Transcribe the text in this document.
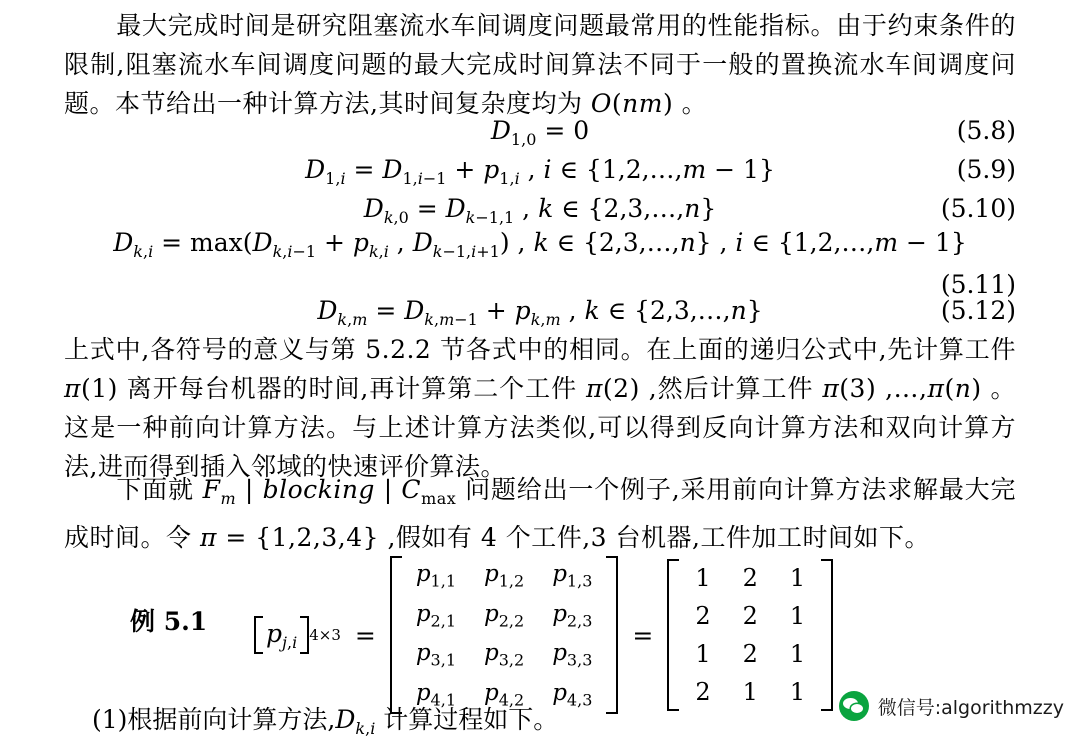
最大完成时间是研究阻塞流水车间调度问题最常用的性能指标。由于约束条件的限制,阻塞流水车间调度问题的最大完成时间算法不同于一般的置换流水车间调度问题。本节给出一种计算方法,其时间复杂度均为 O(nm) 。

$D_{1,0} = 0$	(5.8)
$D_{1,i} = D_{1,i-1} + p_{1,i}$ , i ∈ {1,2,…,m − 1}	(5.9)
$D_{k,0} = D_{k-1,1}$ , k ∈ {2,3,…,n}	(5.10)
$D_{k,i} = \max(D_{k,i-1} + p_{k,i}$ , $D_{k-1,i+1}$) , k ∈ {2,3,…,n} , i ∈ {1,2,…,m − 1}
(5.11)
$D_{k,m} = D_{k,m-1} + p_{k,m}$ , k ∈ {2,3,…,n}	(5.12)

上式中,各符号的意义与第 5.2.2 节各式中的相同。在上面的递归公式中,先计算工件 π(1) 离开每台机器的时间,再计算第二个工件 π(2) ,然后计算工件 π(3) ,…,π(n) 。这是一种前向计算方法。与上述计算方法类似,可以得到反向计算方法和双向计算方法,进而得到插入邻域的快速评价算法。

下面就 $F_m$ | blocking | $C_{max}$ 问题给出一个例子,采用前向计算方法求解最大完成时间。令 π = {1,2,3,4} ,假如有 4 个工件,3 台机器,工件加工时间如下。

例 5.1 $p_{j,i}$ 4×3 =
$p_{1,1}$	$p_{1,2}$	$p_{1,3}$
$p_{2,1}$	$p_{2,2}$	$p_{2,3}$
$p_{3,1}$	$p_{3,2}$	$p_{3,3}$
$p_{4,1}$	$p_{4,2}$	$p_{4,3}$
=
1	2	1
2	2	1
1	2	1
2	1	1
(1)根据前向计算方法$,D_{k,i}$ 计算过程如下。	微信号:algorithmzzy
